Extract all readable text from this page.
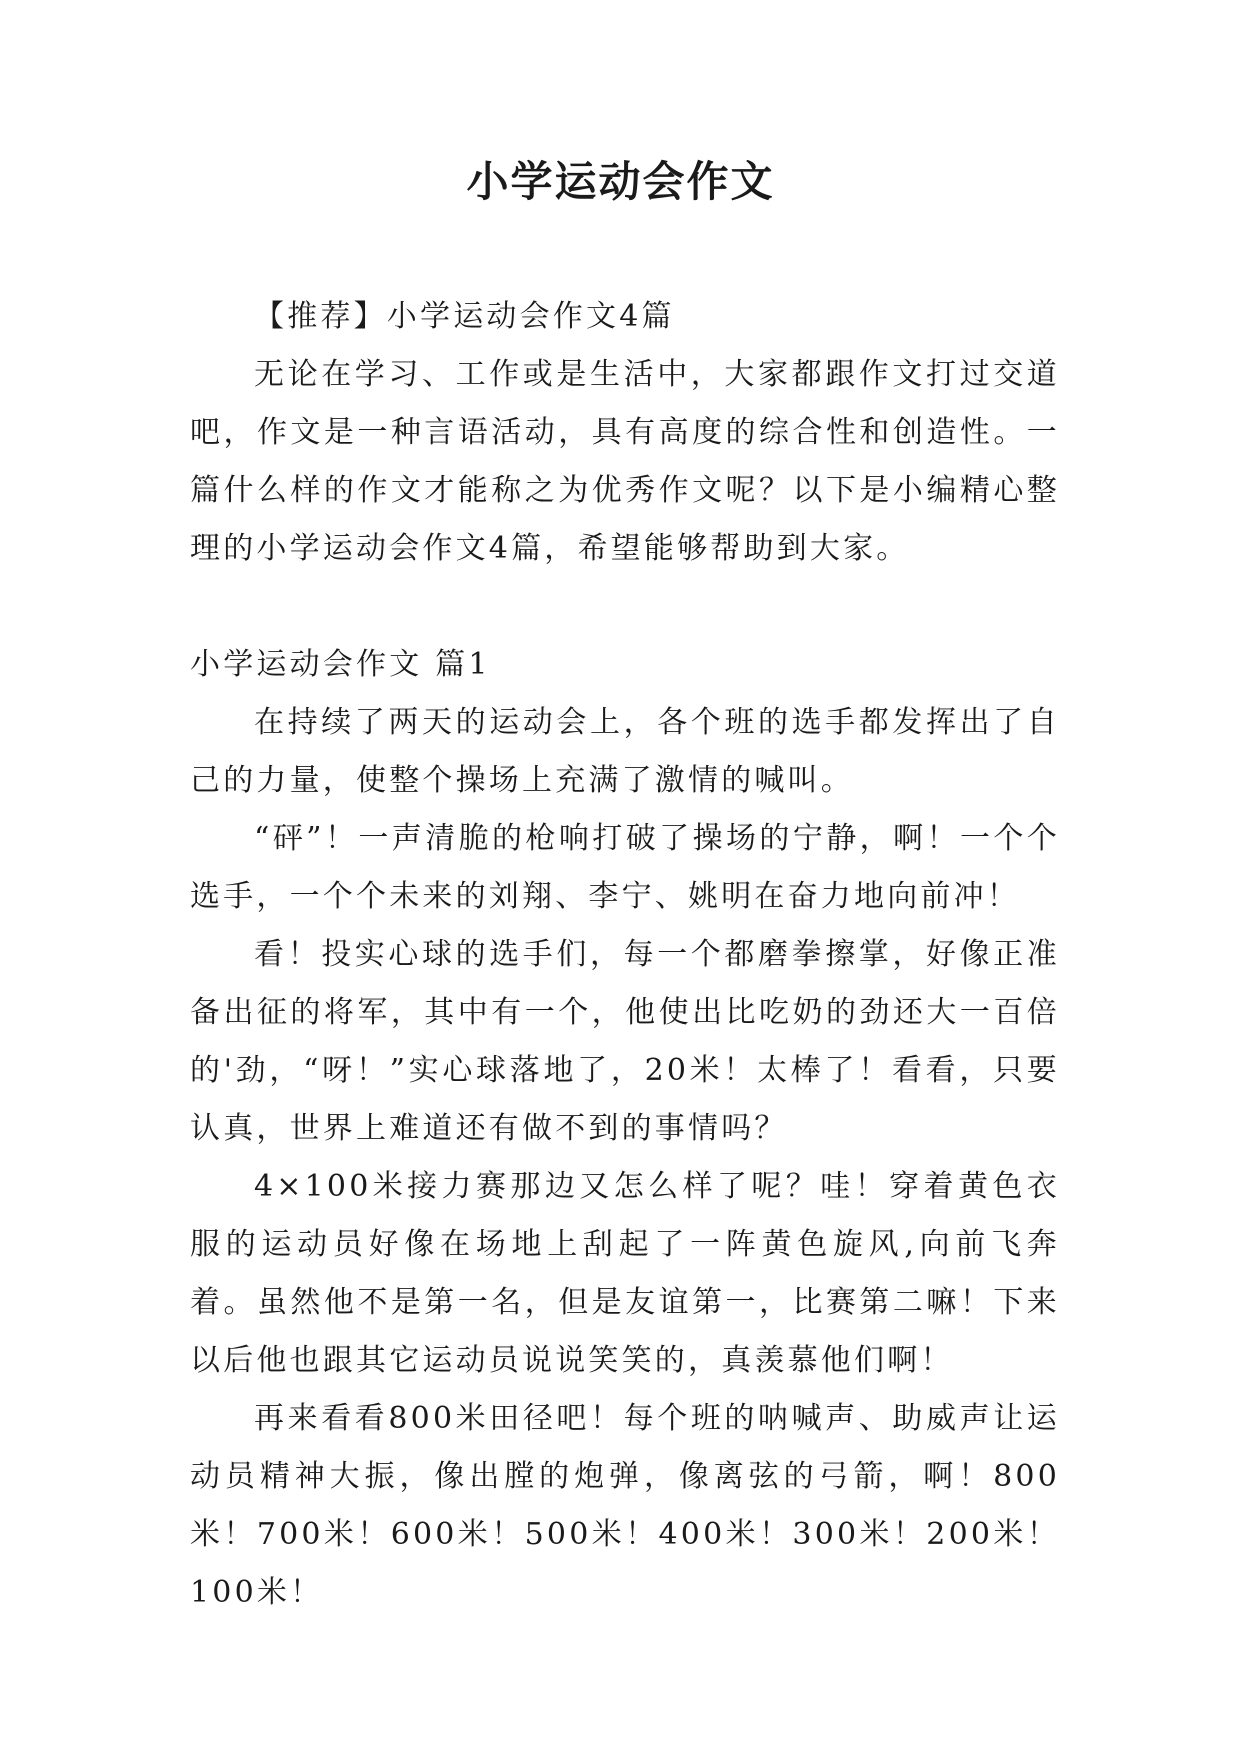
小学运动会作文

【推荐】小学运动会作文4篇

无论在学习、工作或是生活中，大家都跟作文打过交道吧，作文是一种言语活动，具有高度的综合性和创造性。一篇什么样的作文才能称之为优秀作文呢？以下是小编精心整理的小学运动会作文4篇，希望能够帮助到大家。

小学运动会作文 篇1

在持续了两天的运动会上，各个班的选手都发挥出了自己的力量，使整个操场上充满了激情的喊叫。

“砰”！一声清脆的枪响打破了操场的宁静，啊！一个个选手，一个个未来的刘翔、李宁、姚明在奋力地向前冲！

看！投实心球的选手们，每一个都磨拳擦掌，好像正准备出征的将军，其中有一个，他使出比吃奶的劲还大一百倍的'劲，“呀！”实心球落地了，20米！太棒了！看看，只要认真，世界上难道还有做不到的事情吗？

4×100米接力赛那边又怎么样了呢？哇！穿着黄色衣服的运动员好像在场地上刮起了一阵黄色旋风,向前飞奔着。虽然他不是第一名，但是友谊第一，比赛第二嘛！下来以后他也跟其它运动员说说笑笑的，真羡慕他们啊！

再来看看800米田径吧！每个班的呐喊声、助威声让运动员精神大振，像出膛的炮弹，像离弦的弓箭，啊！800米！700米！600米！500米！400米！300米！200米！100米！
